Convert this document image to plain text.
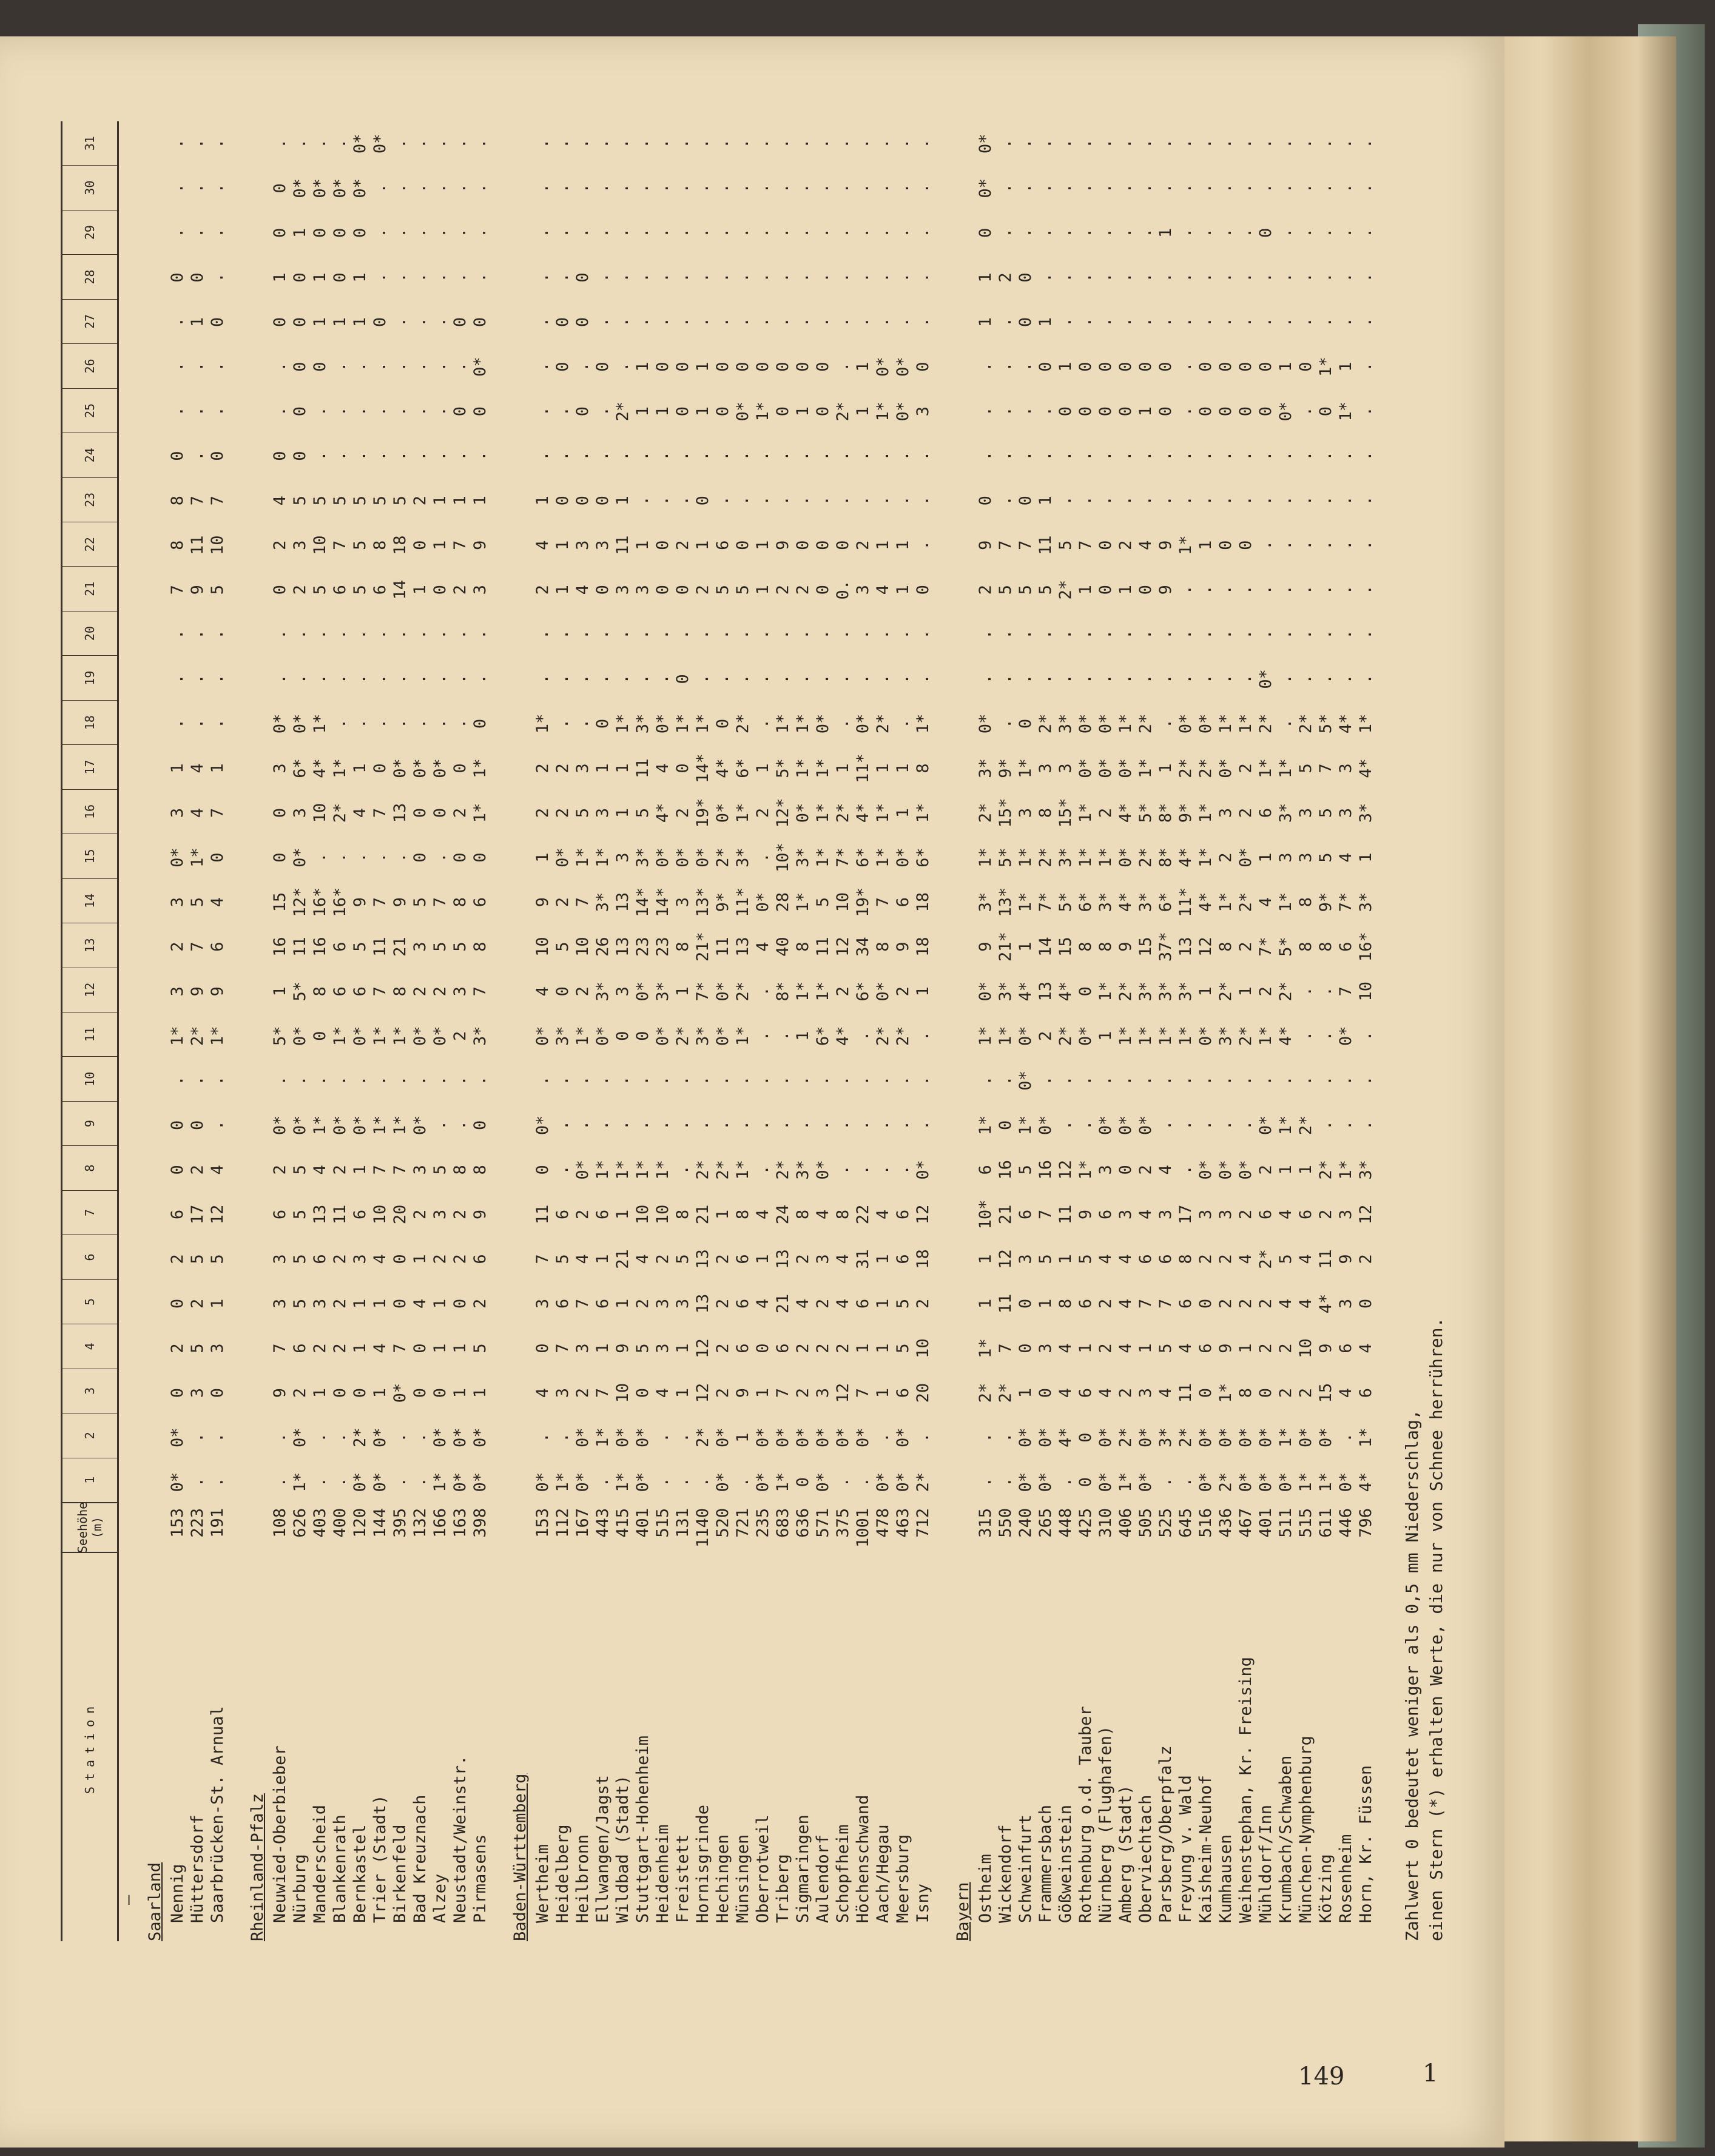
Station
Seehöhe (m)
1
2
3
4
5
6
7
8
9
10
11
12
13
14
15
16
17
18
19
20
21
22
23
24
25
26
27
28
29
30
31
— Saarland Nennig
153
0*
0*
0
2
0
2
6
0
0
.
1*
3
2
3
0*
3
1
.
.
.
7
8
8
0
.
.
.
0
.
.
.
Hüttersdorf
223
.
.
3
5
2
5
17
2
0
.
2*
9
7
5
1*
4
4
.
.
.
9
11
7
.
.
.
1
0
.
.
.
Saarbrücken-St. Arnual
191
.
.
0
3
1
5
12
4
.
.
1*
9
6
4
0
7
1
.
.
.
5
10
7
0
.
.
0
.
.
.
.
Rheinland-Pfalz Neuwied-Oberbieber
108
.
.
9
7
3
3
6
2
0*
.
5*
1
16
15
0
0
3
0*
.
.
0
2
4
0
.
.
0
1
0
0
.
Nürburg
626
1*
0*
2
6
5
5
5
5
0*
.
0*
5*
11
12*
0*
3
6*
0*
.
.
2
3
5
0
0
0
0
0
1
0*
.
Manderscheid
403
.
.
1
2
3
6
13
4
1*
.
0
8
16
16*
.
10
4*
1*
.
.
5
10
5
.
.
0
1
1
0
0*
.
Blankenrath
400
.
.
0
2
2
2
11
2
0*
.
1*
6
6
16*
.
2*
1*
.
.
.
6
7
5
.
.
.
1
0
0
0*
.
Bernkastel
120
0*
2*
0
1
1
3
6
1
0*
.
0*
6
5
9
.
4
1
.
.
.
5
5
5
.
.
.
1
1
0
0*
0*
Trier (Stadt)
144
0*
0*
1
4
1
4
10
7
1*
.
1*
7
11
7
.
7
0
.
.
.
6
8
5
.
.
.
0
.
.
.
0*
Birkenfeld
395
.
.
0*
7
0
0
20
7
1*
.
1*
8
21
9
.
13
0*
.
.
.
14
18
5
.
.
.
.
.
.
.
.
Bad Kreuznach
132
.
.
0
0
4
1
2
3
0*
.
0*
2
3
5
0
0
0*
.
.
.
1
0
2
.
.
.
.
.
.
.
.
Alzey
166
1*
0*
0
1
1
2
3
5
.
.
0*
2
5
7
.
0
0*
.
.
.
0
1
1
.
.
.
.
.
.
.
.
Neustadt/Weinstr.
163
0*
0*
1
1
0
2
2
8
.
.
2
3
5
8
0
2
0
.
.
.
2
7
1
.
0
.
0
.
.
.
.
Pirmasens
398
0*
0*
1
5
2
6
9
8
0
.
3*
7
8
6
0
1*
1*
0
.
.
3
9
1
.
0
0*
0
.
.
.
.
Baden-Württemberg Wertheim
153
0*
.
4
0
3
7
11
0
0*
.
0*
4
10
9
1
2
2
1*
.
.
2
4
1
.
.
.
.
.
.
.
.
Heidelberg
112
1*
.
3
7
6
5
6
.
.
.
3*
0
5
2
0*
2
2
.
.
.
1
1
0
.
.
0
0
.
.
.
.
Heilbronn
167
0*
0*
2
3
7
4
2
0*
.
.
1*
2
10
7
1*
5
3
.
.
.
4
3
0
.
0
.
0
0
.
.
.
Ellwangen/Jagst
443
.
1*
7
1
6
1
6
1*
.
.
0*
3*
26
3*
1*
3
1
0
.
.
0
3
0
.
.
0
.
.
.
.
.
Wildbad (Stadt)
415
1*
0*
10
9
1
21
1
1*
.
.
0
3
13
13
3
1
1
1*
.
.
3
11
1
.
2*
.
.
.
.
.
.
Stuttgart-Hohenheim
401
0*
0*
0
5
2
4
10
1*
.
.
0
0*
23
14*
3*
5
11
3*
.
.
3
1
.
.
1
1
.
.
.
.
.
Heidenheim
515
.
.
4
3
3
2
10
1*
.
.
0*
3*
23
14*
0*
4*
4
0*
.
.
0
0
.
.
1
0
.
.
.
.
.
Freistett
131
.
.
1
1
3
5
8
.
.
.
2*
1
8
3
0*
2
0
1*
0
.
0
2
.
.
0
0
.
.
.
.
.
Hornisgrinde
1140
.
2*
12
12
13
13
21
2*
.
.
3*
7*
21*
13*
0*
19*
14*
1*
.
.
2
1
0
.
1
1
.
.
.
.
.
Hechingen
520
0*
0*
2
2
2
2
1
2*
.
.
0*
0*
11
9*
2*
0*
4*
0
.
.
5
6
.
.
0
0
.
.
.
.
.
Münsingen
721
.
1
9
6
6
6
8
1*
.
.
1*
2*
13
11*
3*
1*
6*
2*
.
.
5
0
.
.
0*
0
.
.
.
.
.
Oberrotweil
235
0*
0*
1
0
4
1
4
.
.
.
.
.
4
0*
.
2
1
.
.
.
1
1
.
.
1*
0
.
.
.
.
.
Triberg
683
1*
0*
7
6
21
13
24
2*
.
.
.
8*
40
28
10*
12*
5*
1*
.
.
2
9
.
.
0
0
.
.
.
.
.
Sigmaringen
636
0
0*
2
2
4
2
8
3*
.
.
1
1*
8
1*
3*
0*
1*
1*
.
.
2
0
.
.
1
0
.
.
.
.
.
Aulendorf
571
0*
0*
3
2
2
3
4
0*
.
.
6*
1*
11
5
1*
1*
1*
0*
.
.
0
0
.
.
0
0
.
.
.
.
.
Schopfheim
375
.
0*
12
2
4
4
8
.
.
.
4*
2
12
10
7*
2*
1
.
.
.
0.
0
.
.
2*
.
.
.
.
.
.
Höchenschwand
1001
.
0*
7
1
6
31
22
.
.
.
.
6*
34
19*
6*
4*
11*
0*
.
.
3
2
.
.
1
1
.
.
.
.
.
Aach/Hegau
478
0*
.
1
1
1
1
4
.
.
.
2*
0*
8
7
1*
1*
1
2*
.
.
4
1
.
.
1*
0*
.
.
.
.
.
Meersburg
463
0*
0*
6
5
5
6
6
.
.
.
2*
2
9
6
0*
1
1
.
.
.
1
1
.
.
0*
0*
.
.
.
.
.
Isny
712
2*
.
20
10
2
18
12
0*
.
.
.
1
18
18
6*
1*
8
1*
.
.
0
.
.
.
3
0
.
.
.
.
.
Bayern Ostheim
315
.
.
2*
1*
1
1
10*
6
1*
.
1*
0*
9
3*
1*
2*
3*
0*
.
.
2
9
0
.
.
.
1
1
0
0*
0*
Wickendorf
550
.
.
2*
7
11
12
21
16
0
.
1*
3*
21*
13*
5*
15*
9*
.
.
.
5
7
.
.
.
.
.
2
.
.
.
Schweinfurt
240
0*
0*
1
0
0
3
6
5
1*
0*
0*
4*
1
1*
1*
3
1*
0
.
.
5
7
0
.
.
.
0
0
.
.
.
Frammersbach
265
0*
0*
0
3
1
5
7
16
0*
.
2
13
14
7*
2*
8
3
2*
.
.
5
11
1
.
.
0
1
.
.
.
.
Gößweinstein
448
.
4*
4
4
8
1
11
12
.
.
2*
4*
15
5*
3*
15*
3
3*
.
.
2*
5
.
.
0
1
.
.
.
.
.
Rothenburg o.d. Tauber
425
0
0
6
1
6
5
9
1*
.
.
0*
0
8
6*
1*
1*
0*
0*
.
.
1
7
.
.
0
0
.
.
.
.
.
Nürnberg (Flughafen)
310
0*
0*
4
2
2
4
6
3
0*
.
1
1*
8
3*
1*
2
0*
0*
.
.
0
0
.
.
0
0
.
.
.
.
.
Amberg (Stadt)
406
1*
2*
2
4
4
4
3
0
0*
.
1*
2*
9
4*
0*
4*
0*
1*
.
.
1
2
.
.
0
0
.
.
.
.
.
Oberviechtach
505
0*
0*
3
1
7
6
4
2
0*
.
1*
3*
15
3*
2*
5*
1*
2*
.
.
0
4
.
.
1
0
.
.
.
.
.
Parsberg/Oberpfalz
525
.
3*
4
5
7
6
3
4
.
.
1*
3*
37*
6*
8*
8*
1
.
.
.
9
9
.
.
0
0
.
.
1
.
.
Freyung v. Wald
645
.
2*
11
4
6
8
17
.
.
.
1*
3*
13
11*
4*
9*
2*
0*
.
.
.
1*
.
.
.
.
.
.
.
.
.
Kaisheim-Neuhof
516
0*
0*
0
6
0
2
3
0*
.
.
0*
1
12
4*
1*
1*
2*
0*
.
.
.
1
.
.
0
0
.
.
.
.
.
Kumhausen
436
2*
0*
1*
9
2
2
3
0*
.
.
3*
2*
8
1*
2
3
0*
1*
.
.
.
0
.
.
0
0
.
.
.
.
.
Weihenstephan, Kr. Freising
467
0*
0*
8
1
2
4
2
0*
.
.
2*
1
2
2*
0*
2
2
1*
.
.
.
0
.
.
0
0
.
.
.
.
.
Mühldorf/Inn
401
0*
0*
0
2
2
2*
6
2
0*
.
1*
2
7*
4
1
6
1*
2*
0*
.
.
.
.
.
0
0
.
.
0
.
.
Krumbach/Schwaben
511
0*
1*
2
2
4
5
4
1
1*
.
4*
2*
5*
1*
3
3*
1*
.
.
.
.
.
.
.
0*
1
.
.
.
.
.
München-Nymphenburg
515
1*
0*
2
10
4
4
6
1
2*
.
.
.
8
8
3
3
5
2*
.
.
.
.
.
.
.
0
.
.
.
.
.
Kötzing
611
1*
0*
15
9
4*
11
2
2*
.
.
.
.
8
9*
5
5
7
5*
.
.
.
.
.
.
0
1*
.
.
.
.
.
Rosenheim
446
0*
.
4
6
3
9
3
1*
.
.
0*
7
6
7*
4
3
3
4*
.
.
.
.
.
.
1*
1
.
.
.
.
.
Horn, Kr. Füssen
796
4*
1*
6
4
0
2
12
3*
.
.
.
10
16*
3*
1
3*
4*
1*
.
.
.
.
.
.
.
.
.
.
.
.
.
Zahlwert 0 bedeutet weniger als 0,5 mm Niederschlag, einen Stern (*) erhalten Werte, die nur von Schnee herrühren.
149	1
